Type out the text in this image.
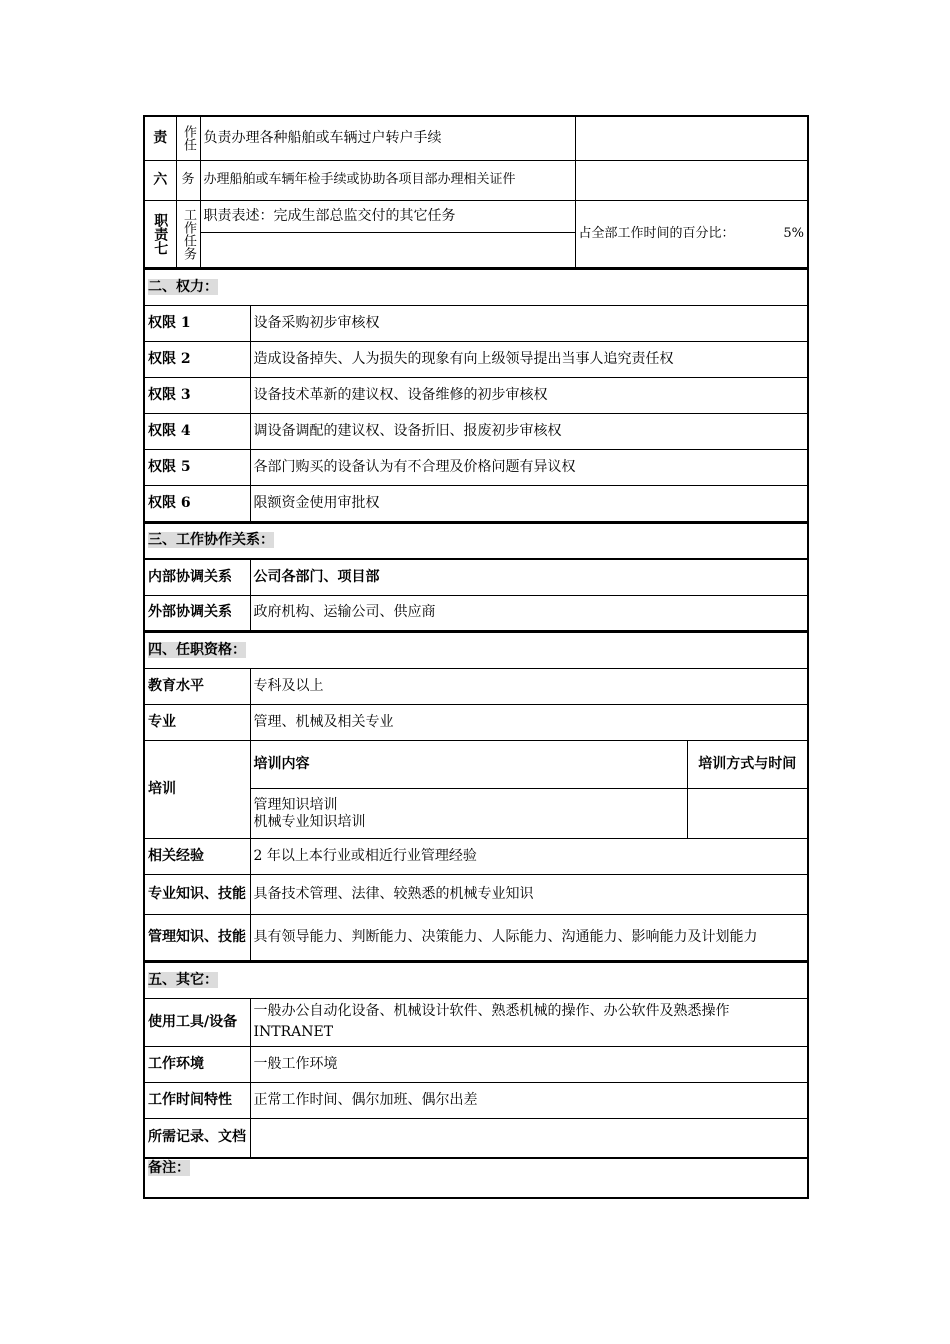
责	作任	负责办理各种船舶或车辆过户转户手续	
六	务	办理船舶或车辆年检手续或协助各项目部办理相关证件	
职责七	工作任务	职责表述：完成生部总监交付的其它任务	占全部工作时间的百分比： 5%

二、权力：	
权限 1	设备采购初步审核权
权限 2	造成设备掉失、人为损失的现象有向上级领导提出当事人追究责任权
权限 3	设备技术革新的建议权、设备维修的初步审核权
权限 4	调设备调配的建议权、设备折旧、报废初步审核权
权限 5	各部门购买的设备认为有不合理及价格问题有异议权
权限 6	限额资金使用审批权
三、工作协作关系：	
内部协调关系	公司各部门、项目部
外部协调关系	政府机构、运输公司、供应商
四、任职资格：		
教育水平	专科及以上	
专业	管理、机械及相关专业	
培训	培训内容	培训方式与时间

	管理知识培训
机械专业知识培训	

相关经验	2 年以上本行业或相近行业管理经验	
专业知识、技能	具备技术管理、法律、较熟悉的机械专业知识	
管理知识、技能	具有领导能力、判断能力、决策能力、人际能力、沟通能力、影响能力及计划能力	
五、其它：	
使用工具/设备	一般办公自动化设备、机械设计软件、熟悉机械的操作、办公软件及熟悉操作 INTRANET
工作环境	一般工作环境
工作时间特性	正常工作时间、偶尔加班、偶尔出差
所需记录、文档	
备注：	
